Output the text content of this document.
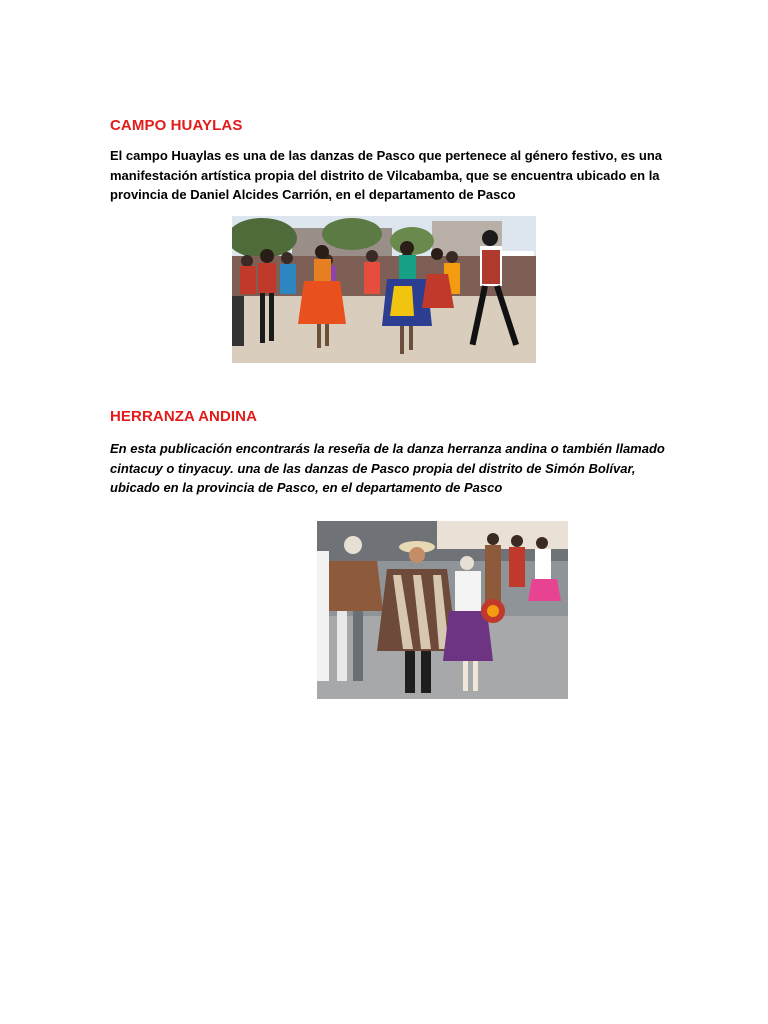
CAMPO HUAYLAS

El campo Huaylas es una de las danzas de Pasco que pertenece al género festivo, es una manifestación artística propia del distrito de Vilcabamba, que se encuentra ubicado en la provincia de Daniel Alcides Carrión, en el departamento de Pasco

HERRANZA ANDINA

En esta publicación encontrarás la reseña de la danza herranza andina o también llamado cintacuy o tinyacuy. una de las danzas de Pasco propia del distrito de Simón Bolívar, ubicado en la provincia de Pasco, en el departamento de Pasco
